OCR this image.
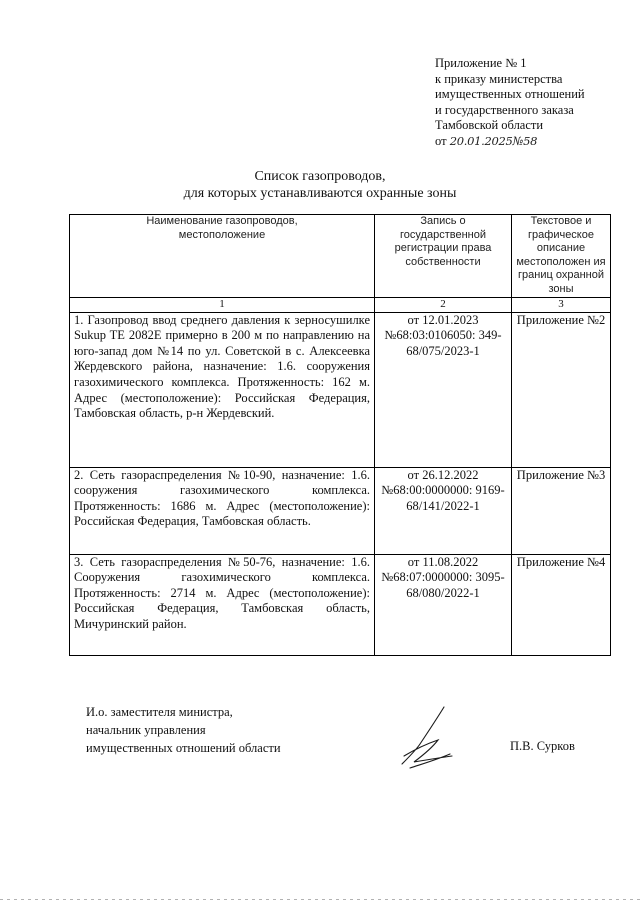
Приложение № 1
к приказу министерства
имущественных отношений
и государственного заказа
Тамбовской области
от 20.01.2025№58
Список газопроводов,
для которых устанавливаются охранные зоны
Наименование газопроводов, местоположение	Запись о государственной регистрации права собственности	Текстовое и графическое описание местоположен ия границ охранной зоны

1	2	3
1. Газопровод ввод среднего давления к зерносушилке Sukup TE 2082E примерно в 200 м по направлению на юго-запад дом №14 по ул. Советской в с. Алексеевка Жердевского района, назначение: 1.6. сооружения газохимического комплекса. Протяженность: 162 м. Адрес (местоположение): Российская Федерация, Тамбовская область, р-н Жердевский.	от 12.01.2023 №68:03:0106050: 349-68/075/2023-1	Приложение №2
2. Сеть газораспределения №10-90, назначение: 1.6. сооружения газохимического комплекса. Протяженность: 1686 м. Адрес (местоположение): Российская Федерация, Тамбовская область.	от 26.12.2022 №68:00:0000000: 9169-68/141/2022-1	Приложение №3
3. Сеть газораспределения №50-76, назначение: 1.6. Сооружения газохимического комплекса. Протяженность: 2714 м. Адрес (местоположение): Российская Федерация, Тамбовская область, Мичуринский район.	от 11.08.2022 №68:07:0000000: 3095-68/080/2022-1	Приложение №4
И.о. заместителя министра,
начальник управления
имущественных отношений области	П.В. Сурков
